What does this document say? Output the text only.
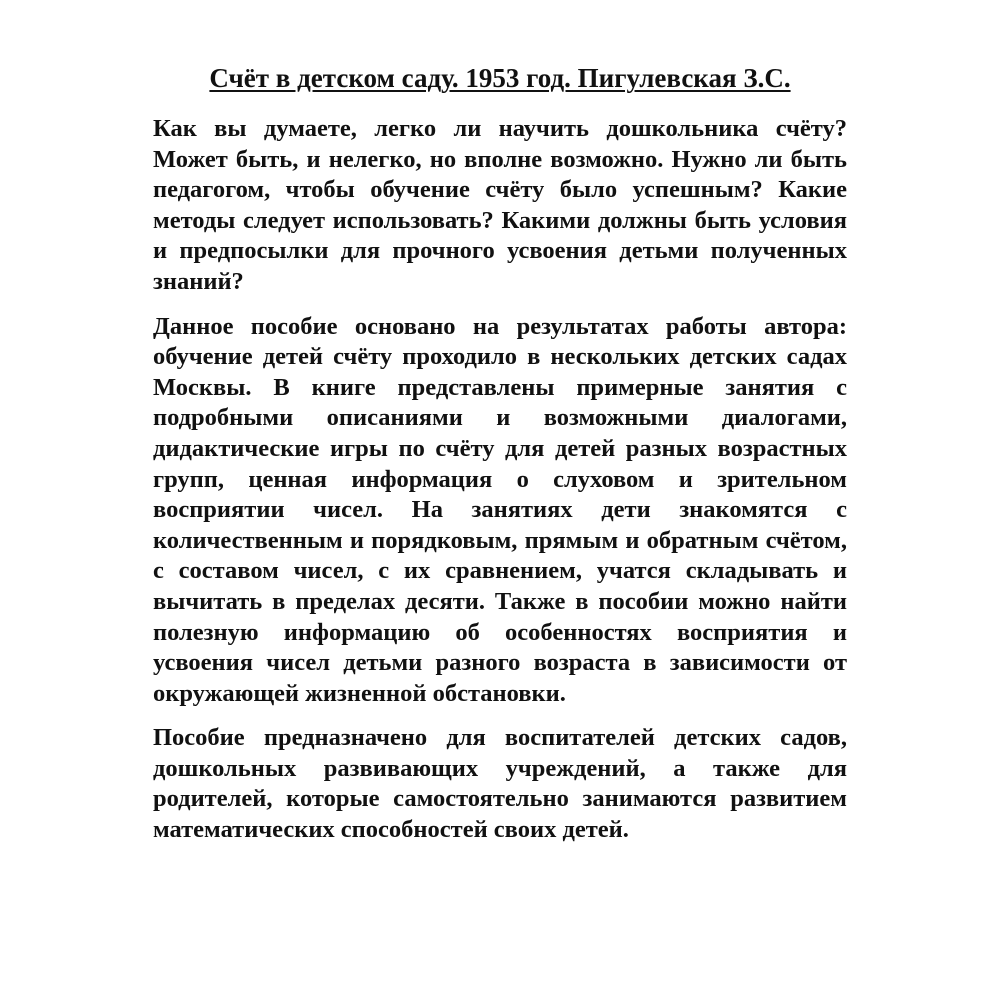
Счёт в детском саду. 1953 год. Пигулевская З.С.

Как вы думаете, легко ли научить дошкольника счёту? Может быть, и нелегко, но вполне возможно. Нужно ли быть педагогом, чтобы обучение счёту было успешным? Какие методы следует использовать? Какими должны быть условия и предпосылки для прочного усвоения детьми полученных знаний?

Данное пособие основано на результатах работы автора: обучение детей счёту проходило в нескольких детских садах Москвы. В книге представлены примерные занятия с подробными описаниями и возможными диалогами, дидактические игры по счёту для детей разных возрастных групп, ценная информация о слуховом и зрительном восприятии чисел. На занятиях дети знакомятся с количественным и порядковым, прямым и обратным счётом, с составом чисел, с их сравнением, учатся складывать и вычитать в пределах десяти. Также в пособии можно найти полезную информацию об особенностях восприятия и усвоения чисел детьми разного возраста в зависимости от окружающей жизненной обстановки.

Пособие предназначено для воспитателей детских садов, дошкольных развивающих учреждений, а также для родителей, которые самостоятельно занимаются развитием математических способностей своих детей.
